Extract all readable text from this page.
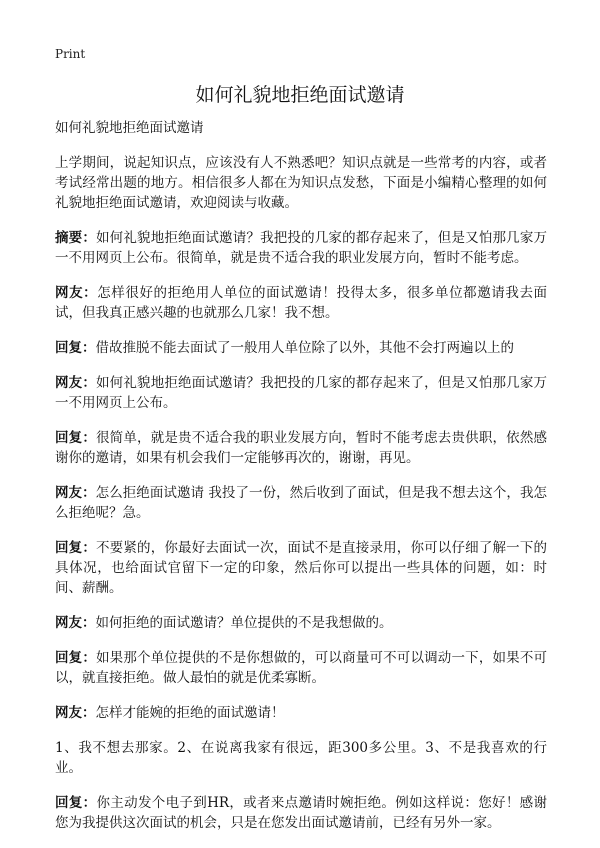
Print
如何礼貌地拒绝面试邀请

如何礼貌地拒绝面试邀请

上学期间，说起知识点，应该没有人不熟悉吧？知识点就是一些常考的内容，或者考试经常出题的地方。相信很多人都在为知识点发愁，下面是小编精心整理的如何礼貌地拒绝面试邀请，欢迎阅读与收藏。

摘要：如何礼貌地拒绝面试邀请？我把投的几家的都存起来了，但是又怕那几家万一不用网页上公布。很简单，就是贵不适合我的职业发展方向，暂时不能考虑。

网友：怎样很好的拒绝用人单位的面试邀请！投得太多，很多单位都邀请我去面试，但我真正感兴趣的也就那么几家！我不想。

回复：借故推脱不能去面试了一般用人单位除了以外，其他不会打两遍以上的

网友：如何礼貌地拒绝面试邀请？我把投的几家的都存起来了，但是又怕那几家万一不用网页上公布。

回复：很简单，就是贵不适合我的职业发展方向，暂时不能考虑去贵供职，依然感谢你的邀请，如果有机会我们一定能够再次的，谢谢，再见。

网友：怎么拒绝面试邀请 我投了一份，然后收到了面试，但是我不想去这个，我怎么拒绝呢？急。

回复：不要紧的，你最好去面试一次，面试不是直接录用，你可以仔细了解一下的具体况，也给面试官留下一定的印象，然后你可以提出一些具体的问题，如：时间、薪酬。

网友：如何拒绝的面试邀请？单位提供的不是我想做的。

回复：如果那个单位提供的不是你想做的，可以商量可不可以调动一下，如果不可以，就直接拒绝。做人最怕的就是优柔寡断。

网友：怎样才能婉的拒绝的面试邀请！

1、我不想去那家。2、在说离我家有很远，距300多公里。3、不是我喜欢的行业。

回复：你主动发个电子到HR，或者来点邀请时婉拒绝。例如这样说：您好！感谢您为我提供这次面试的机会，只是在您发出面试邀请前，已经有另外一家。
